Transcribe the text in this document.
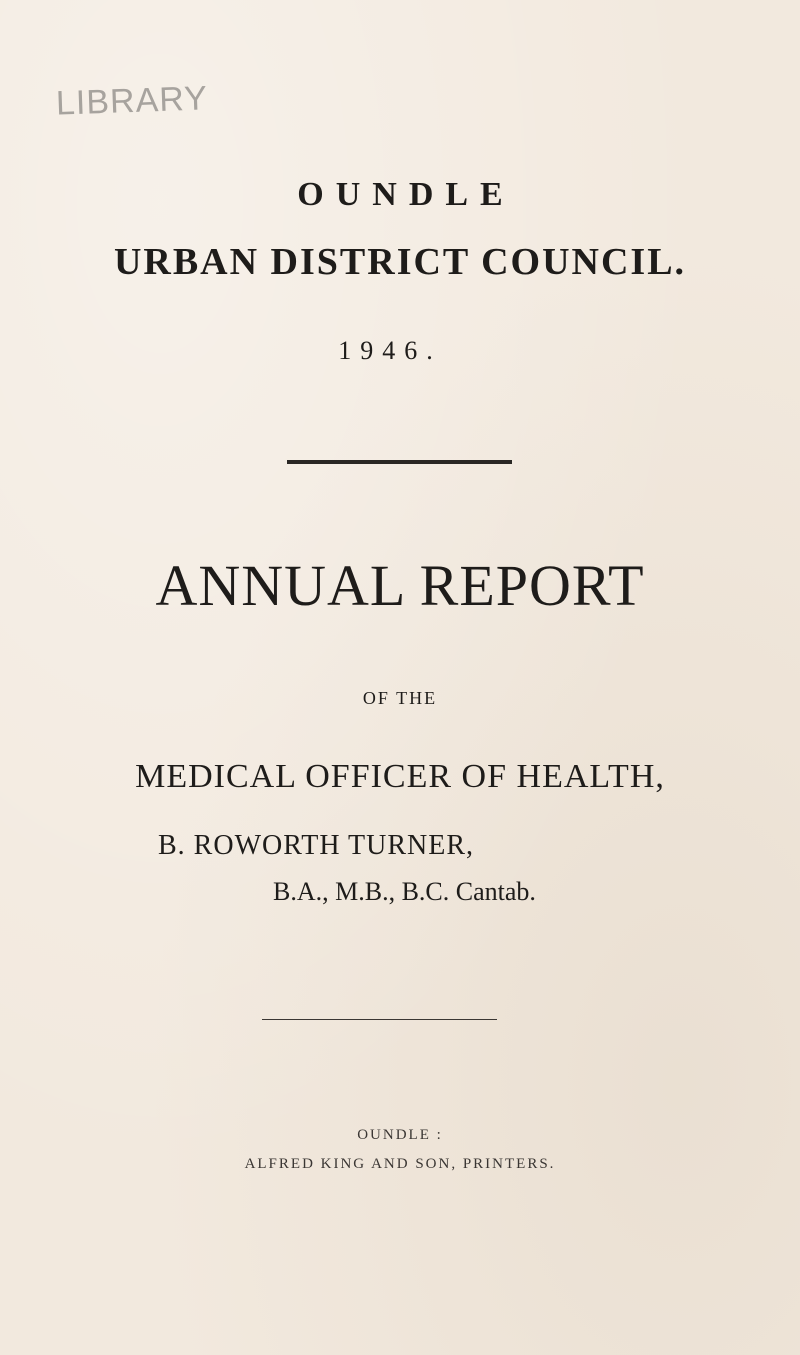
LIBRARY
OUNDLE
URBAN DISTRICT COUNCIL.
1946.
ANNUAL REPORT
OF THE
MEDICAL OFFICER OF HEALTH,
B. ROWORTH TURNER,
B.A., M.B., B.C. Cantab.
OUNDLE :
ALFRED KING AND SON, PRINTERS.
